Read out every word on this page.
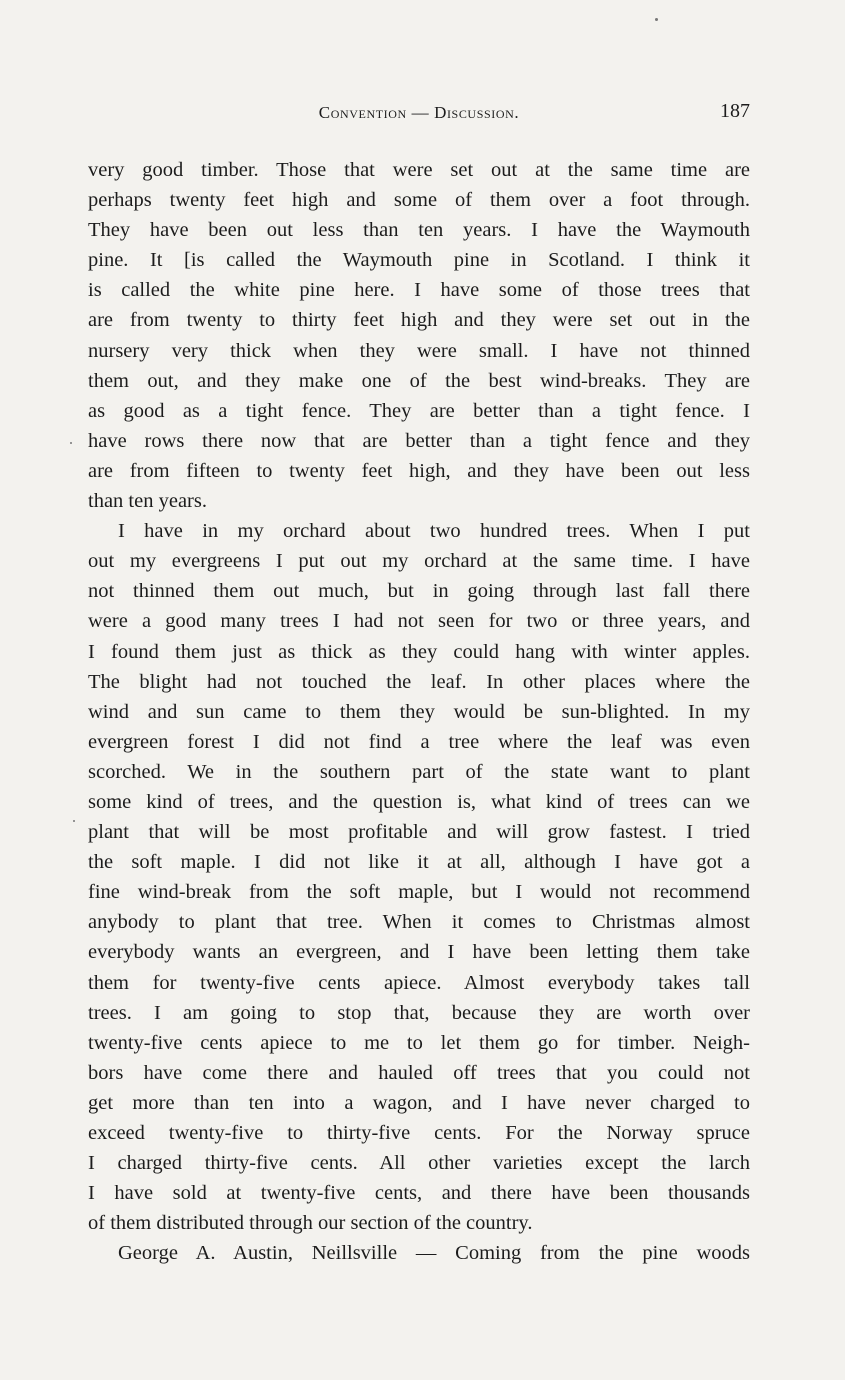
Convention — Discussion.	187

very good timber. Those that were set out at the same time are
perhaps twenty feet high and some of them over a foot through.
They have been out less than ten years. I have the Waymouth
pine. It [is called the Waymouth pine in Scotland. I think it
is called the white pine here. I have some of those trees that
are from twenty to thirty feet high and they were set out in the
nursery very thick when they were small. I have not thinned
them out, and they make one of the best wind-breaks. They are
as good as a tight fence. They are better than a tight fence. I
have rows there now that are better than a tight fence and they
are from fifteen to twenty feet high, and they have been out less
than ten years.

I have in my orchard about two hundred trees. When I put
out my evergreens I put out my orchard at the same time. I have
not thinned them out much, but in going through last fall there
were a good many trees I had not seen for two or three years, and
I found them just as thick as they could hang with winter apples.
The blight had not touched the leaf. In other places where the
wind and sun came to them they would be sun-blighted. In my
evergreen forest I did not find a tree where the leaf was even
scorched. We in the southern part of the state want to plant
some kind of trees, and the question is, what kind of trees can we
plant that will be most profitable and will grow fastest. I tried
the soft maple. I did not like it at all, although I have got a
fine wind-break from the soft maple, but I would not recommend
anybody to plant that tree. When it comes to Christmas almost
everybody wants an evergreen, and I have been letting them take
them for twenty-five cents apiece. Almost everybody takes tall
trees. I am going to stop that, because they are worth over
twenty-five cents apiece to me to let them go for timber. Neigh-
bors have come there and hauled off trees that you could not
get more than ten into a wagon, and I have never charged to
exceed twenty-five to thirty-five cents. For the Norway spruce
I charged thirty-five cents. All other varieties except the larch
I have sold at twenty-five cents, and there have been thousands
of them distributed through our section of the country.

George A. Austin, Neillsville — Coming from the pine woods
